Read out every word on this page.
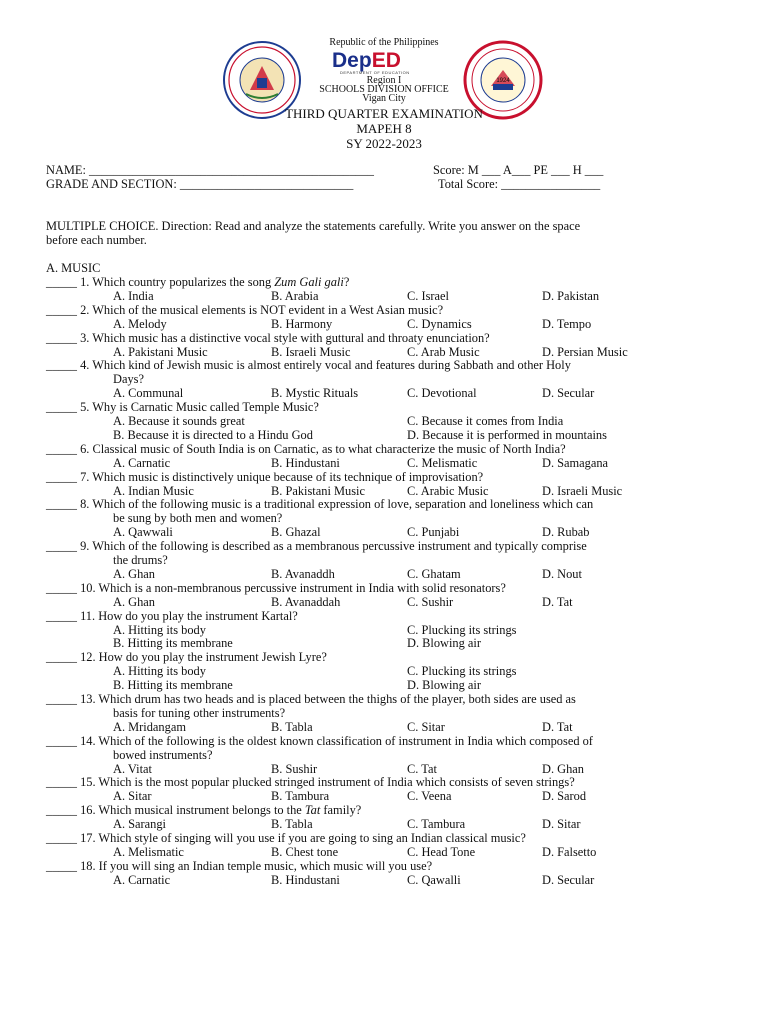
1924
Republic of the Philippines
DepED
DEPARTMENT OF EDUCATION
Region I
SCHOOLS DIVISION OFFICE
Vigan City
THIRD QUARTER EXAMINATION
MAPEH 8
SY 2022-2023
NAME: ______________________________________________	Score: M ___ A___ PE ___ H ___
GRADE AND SECTION: ____________________________	Total Score: ________________
MULTIPLE CHOICE. Direction: Read and analyze the statements carefully. Write you answer on the space
before each number.
A. MUSIC
_____ 1. Which country popularizes the song Zum Gali gali?
A. India	B. Arabia	C. Israel	D. Pakistan
_____ 2. Which of the musical elements is NOT evident in a West Asian music?
A. Melody	B. Harmony	C. Dynamics	D. Tempo
_____ 3. Which music has a distinctive vocal style with guttural and throaty enunciation?
A. Pakistani Music	B. Israeli Music	C. Arab Music	D. Persian Music
_____ 4. Which kind of Jewish music is almost entirely vocal and features during Sabbath and other Holy
Days?
A. Communal	B. Mystic Rituals	C. Devotional	D. Secular
_____ 5. Why is Carnatic Music called Temple Music?
A. Because it sounds great	C. Because it comes from India
B. Because it is directed to a Hindu God	D. Because it is performed in mountains
_____ 6. Classical music of South India is on Carnatic, as to what characterize the music of North India?
A. Carnatic	B. Hindustani	C. Melismatic	D. Samagana
_____ 7. Which music is distinctively unique because of its technique of improvisation?
A. Indian Music	B. Pakistani Music	C. Arabic Music	D. Israeli Music
_____ 8. Which of the following music is a traditional expression of love, separation and loneliness which can
be sung by both men and women?
A. Qawwali	B. Ghazal	C. Punjabi	D. Rubab
_____ 9. Which of the following is described as a membranous percussive instrument and typically comprise
the drums?
A. Ghan	B. Avanaddh	C. Ghatam	D. Nout
_____ 10. Which is a non-membranous percussive instrument in India with solid resonators?
A. Ghan	B. Avanaddah	C. Sushir	D. Tat
_____ 11. How do you play the instrument Kartal?
A. Hitting its body	C. Plucking its strings
B. Hitting its membrane	D. Blowing air
_____ 12. How do you play the instrument Jewish Lyre?
A. Hitting its body	C. Plucking its strings
B. Hitting its membrane	D. Blowing air
_____ 13. Which drum has two heads and is placed between the thighs of the player, both sides are used as
basis for tuning other instruments?
A. Mridangam	B. Tabla	C. Sitar	D. Tat
_____ 14. Which of the following is the oldest known classification of instrument in India which composed of
bowed instruments?
A. Vitat	B. Sushir	C. Tat	D. Ghan
_____ 15. Which is the most popular plucked stringed instrument of India which consists of seven strings?
A. Sitar	B. Tambura	C. Veena	D. Sarod
_____ 16. Which musical instrument belongs to the Tat family?
A. Sarangi	B. Tabla	C. Tambura	D. Sitar
_____ 17. Which style of singing will you use if you are going to sing an Indian classical music?
A. Melismatic	B. Chest tone	C. Head Tone	D. Falsetto
_____ 18. If you will sing an Indian temple music, which music will you use?
A. Carnatic	B. Hindustani	C. Qawalli	D. Secular
